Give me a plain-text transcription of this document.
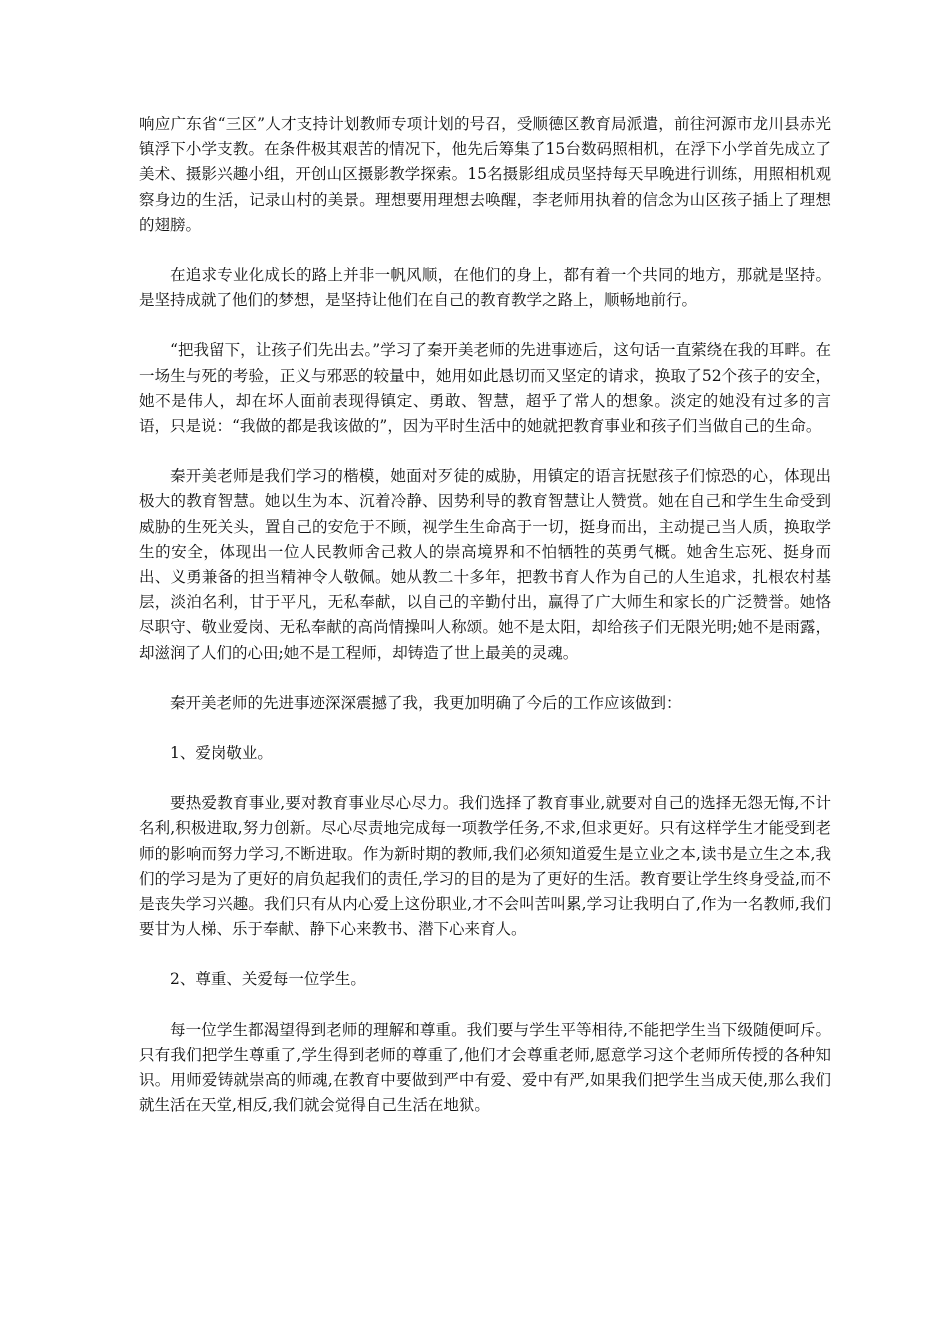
响应广东省“三区”人才支持计划教师专项计划的号召，受顺德区教育局派遣，前往河源市龙川县赤光镇浮下小学支教。在条件极其艰苦的情况下，他先后筹集了15台数码照相机，在浮下小学首先成立了美术、摄影兴趣小组，开创山区摄影教学探索。15名摄影组成员坚持每天早晚进行训练，用照相机观察身边的生活，记录山村的美景。理想要用理想去唤醒，李老师用执着的信念为山区孩子插上了理想的翅膀。

在追求专业化成长的路上并非一帆风顺，在他们的身上，都有着一个共同的地方，那就是坚持。是坚持成就了他们的梦想，是坚持让他们在自己的教育教学之路上，顺畅地前行。

“把我留下，让孩子们先出去。”学习了秦开美老师的先进事迹后，这句话一直萦绕在我的耳畔。在一场生与死的考验，正义与邪恶的较量中，她用如此恳切而又坚定的请求，换取了52个孩子的安全，她不是伟人，却在坏人面前表现得镇定、勇敢、智慧，超乎了常人的想象。淡定的她没有过多的言语，只是说：“我做的都是我该做的”，因为平时生活中的她就把教育事业和孩子们当做自己的生命。

秦开美老师是我们学习的楷模，她面对歹徒的威胁，用镇定的语言抚慰孩子们惊恐的心，体现出极大的教育智慧。她以生为本、沉着冷静、因势利导的教育智慧让人赞赏。她在自己和学生生命受到威胁的生死关头，置自己的安危于不顾，视学生生命高于一切，挺身而出，主动提己当人质，换取学生的安全，体现出一位人民教师舍己救人的崇高境界和不怕牺牲的英勇气概。她舍生忘死、挺身而出、义勇兼备的担当精神令人敬佩。她从教二十多年，把教书育人作为自己的人生追求，扎根农村基层，淡泊名利，甘于平凡，无私奉献，以自己的辛勤付出，赢得了广大师生和家长的广泛赞誉。她恪尽职守、敬业爱岗、无私奉献的高尚情操叫人称颂。她不是太阳，却给孩子们无限光明;她不是雨露，却滋润了人们的心田;她不是工程师，却铸造了世上最美的灵魂。

秦开美老师的先进事迹深深震撼了我，我更加明确了今后的工作应该做到：

1、爱岗敬业。

要热爱教育事业,要对教育事业尽心尽力。我们选择了教育事业,就要对自己的选择无怨无悔,不计名利,积极进取,努力创新。尽心尽责地完成每一项教学任务,不求,但求更好。只有这样学生才能受到老师的影响而努力学习,不断进取。作为新时期的教师,我们必须知道爱生是立业之本,读书是立生之本,我们的学习是为了更好的肩负起我们的责任,学习的目的是为了更好的生活。教育要让学生终身受益,而不是丧失学习兴趣。我们只有从内心爱上这份职业,才不会叫苦叫累,学习让我明白了,作为一名教师,我们要甘为人梯、乐于奉献、静下心来教书、潜下心来育人。

2、尊重、关爱每一位学生。

每一位学生都渴望得到老师的理解和尊重。我们要与学生平等相待,不能把学生当下级随便呵斥。只有我们把学生尊重了,学生得到老师的尊重了,他们才会尊重老师,愿意学习这个老师所传授的各种知识。用师爱铸就崇高的师魂,在教育中要做到严中有爱、爱中有严,如果我们把学生当成天使,那么我们就生活在天堂,相反,我们就会觉得自己生活在地狱。
